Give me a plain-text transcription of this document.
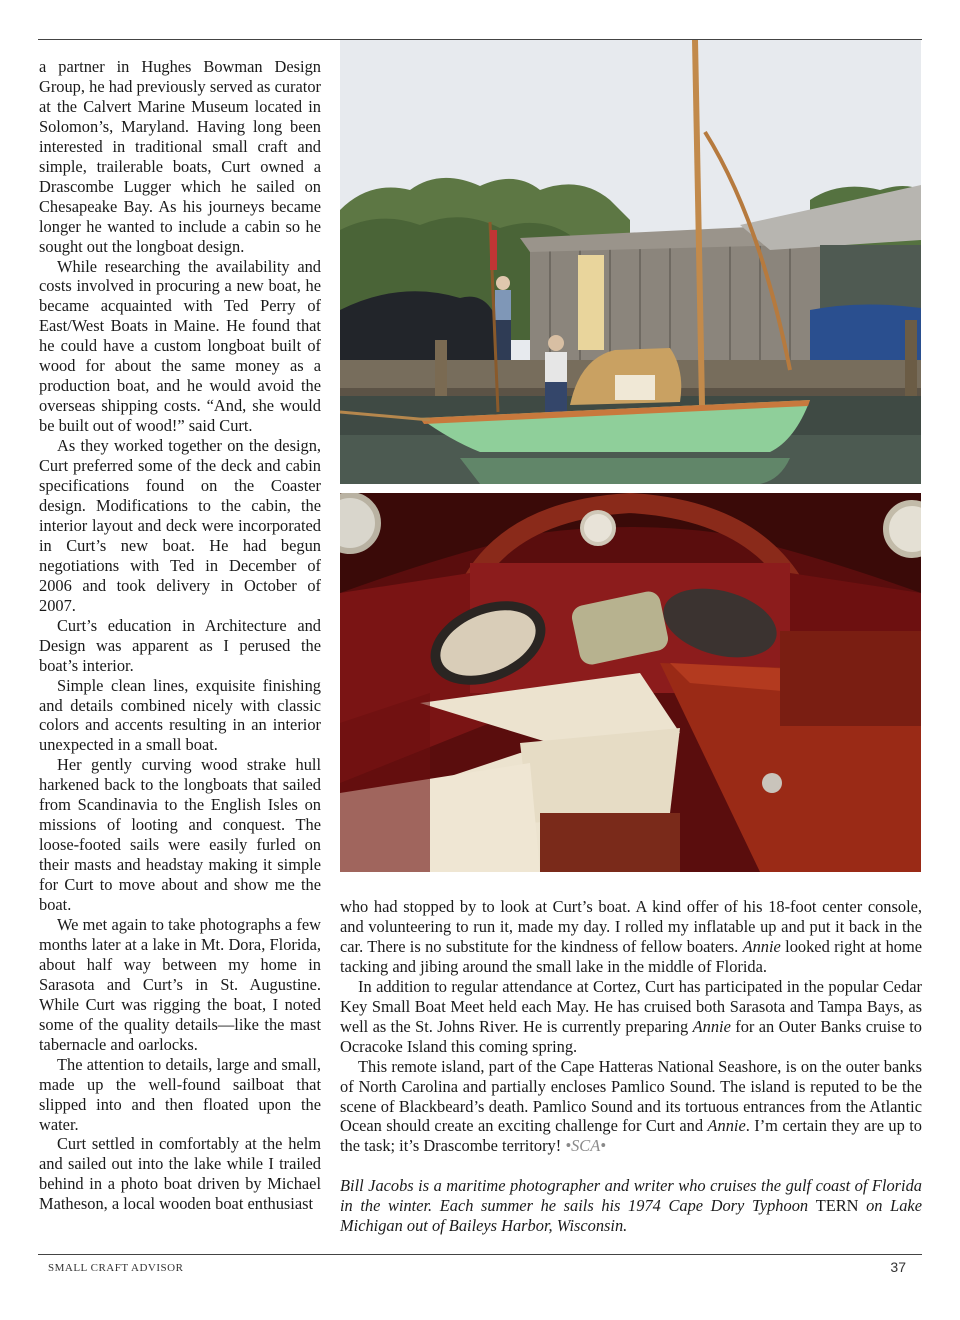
a partner in Hughes Bowman Design Group, he had previously served as curator at the Calvert Marine Museum located in Solomon’s, Maryland. Having long been interested in traditional small craft and simple, trailerable boats, Curt owned a Drascombe Lugger which he sailed on Chesapeake Bay. As his journeys became longer he wanted to include a cabin so he sought out the longboat design.

While researching the availability and costs involved in procuring a new boat, he became acquainted with Ted Perry of East/West Boats in Maine. He found that he could have a custom longboat built of wood for about the same money as a production boat, and he would avoid the overseas shipping costs. “And, she would be built out of wood!” said Curt.

As they worked together on the design, Curt preferred some of the deck and cabin specifications found on the Coaster design. Modifications to the cabin, the interior layout and deck were incorporated in Curt’s new boat. He had begun negotiations with Ted in December of 2006 and took delivery in October of 2007.

Curt’s education in Architecture and Design was apparent as I perused the boat’s interior.

Simple clean lines, exquisite finishing and details combined nicely with classic colors and accents resulting in an interior unexpected in a small boat.

Her gently curving wood strake hull harkened back to the longboats that sailed from Scandinavia to the English Isles on missions of looting and conquest. The loose-footed sails were easily furled on their masts and headstay making it simple for Curt to move about and show me the boat.

We met again to take photographs a few months later at a lake in Mt. Dora, Florida, about half way between my home in Sarasota and Curt’s in St. Augustine. While Curt was rigging the boat, I noted some of the quality details—like the mast tabernacle and oarlocks.

The attention to details, large and small, made up the well-found sailboat that slipped into and then floated upon the water.

Curt settled in comfortably at the helm and sailed out into the lake while I trailed behind in a photo boat driven by Michael Matheson, a local wooden boat enthusiast

who had stopped by to look at Curt’s boat. A kind offer of his 18-foot center console, and volunteering to run it, made my day. I rolled my inflatable up and put it back in the car. There is no substitute for the kindness of fellow boaters. Annie looked right at home tacking and jibing around the small lake in the middle of Florida.

In addition to regular attendance at Cortez, Curt has participated in the popular Cedar Key Small Boat Meet held each May. He has cruised both Sarasota and Tampa Bays, as well as the St. Johns River. He is currently preparing Annie for an Outer Banks cruise to Ocracoke Island this coming spring.

This remote island, part of the Cape Hatteras National Seashore, is on the outer banks of North Carolina and partially encloses Pamlico Sound. The island is reputed to be the scene of Blackbeard’s death. Pamlico Sound and its tortuous entrances from the Atlantic Ocean should create an exciting challenge for Curt and Annie. I’m certain they are up to the task; it’s Drascombe territory! •SCA•

Bill Jacobs is a maritime photographer and writer who cruises the gulf coast of Florida in the winter. Each summer he sails his 1974 Cape Dory Typhoon TERN on Lake Michigan out of Baileys Harbor, Wisconsin.

SMALL CRAFT ADVISOR	37
